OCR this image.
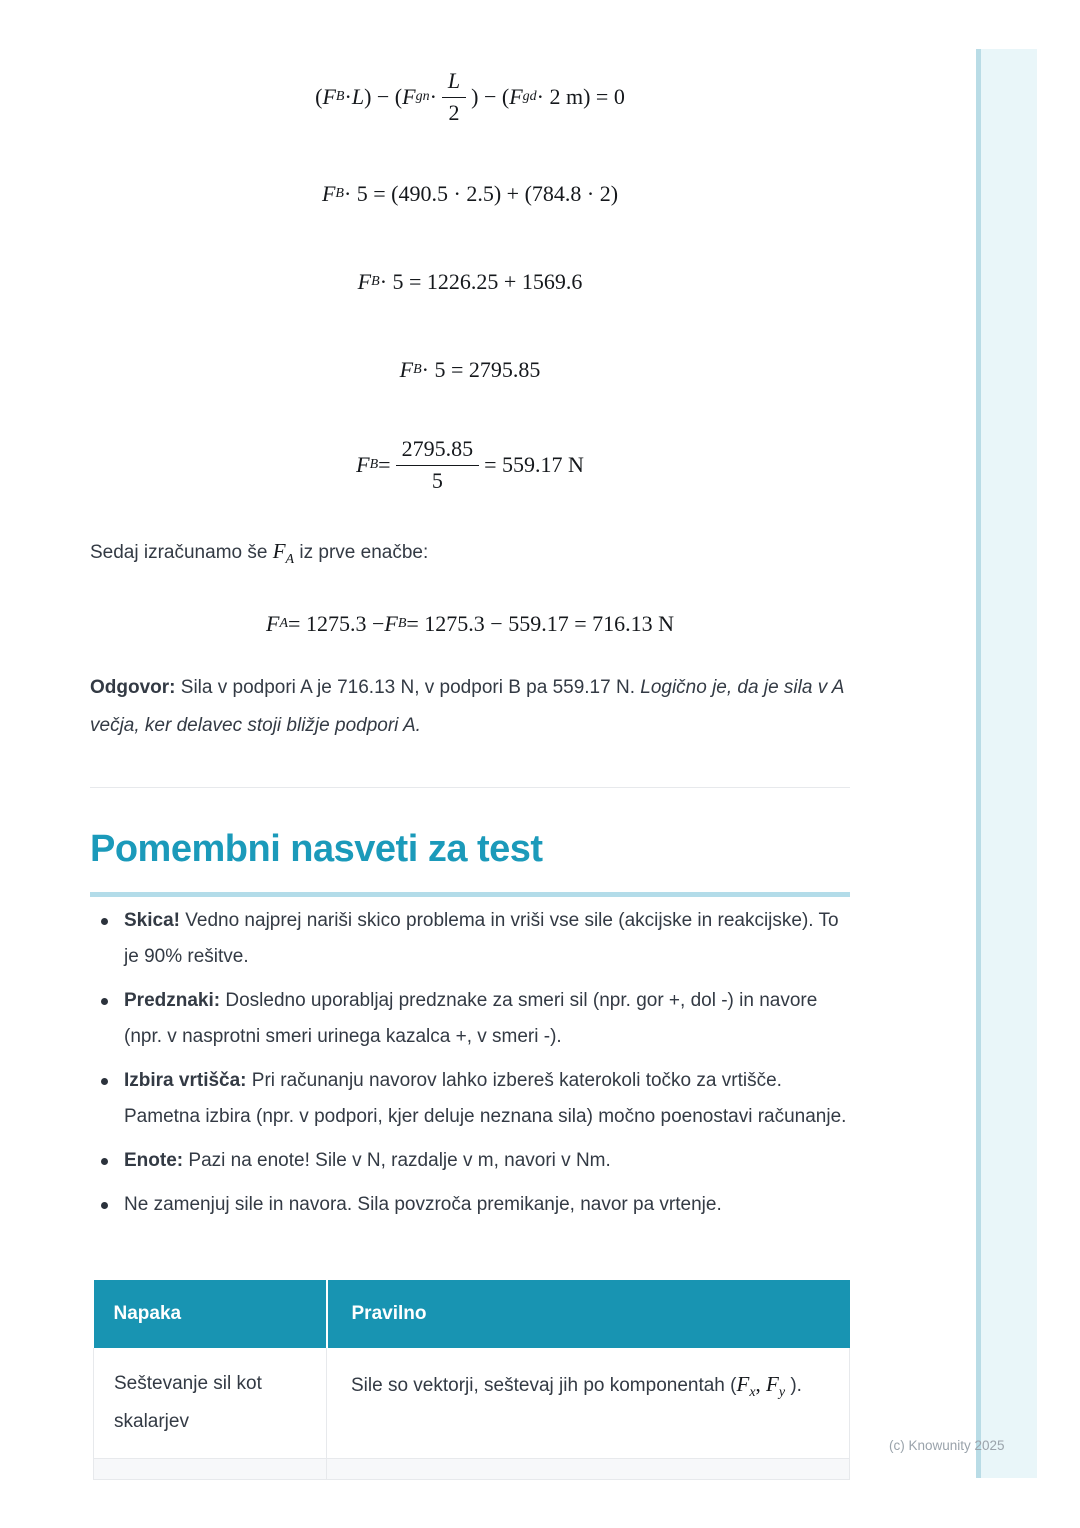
( F B · L ) − ( F gn · $\frac{L}{2}$ ) − ( F gd · 2 m) = 0
F B · 5 = (490.5 · 2.5) + (784.8 · 2)
F B · 5 = 1226.25 + 1569.6
F B · 5 = 2795.85
F $B = \frac{2795.85}{5} = 559.17$ N
Sedaj izračunamo še $F_A$ iz prve enačbe:
F A = 1275.3 − F B = 1275.3 − 559.17 = 716.13 N
Odgovor: Sila v podpori A je 716.13 N, v podpori B pa 559.17 N. Logično je, da je sila v A večja, ker delavec stoji bližje podpori A.
Pomembni nasveti za test
Skica! Vedno najprej nariši skico problema in vriši vse sile (akcijske in reakcijske). To je 90% rešitve.
Predznaki: Dosledno uporabljaj predznake za smeri sil (npr. gor +, dol -) in navore (npr. v nasprotni smeri urinega kazalca +, v smeri -).
Izbira vrtišča: Pri računanju navorov lahko izbereš katerokoli točko za vrtišče. Pametna izbira (npr. v podpori, kjer deluje neznana sila) močno poenostavi računanje.
Enote: Pazi na enote! Sile v N, razdalje v m, navori v Nm.
Ne zamenjuj sile in navora. Sila povzroča premikanje, navor pa vrtenje.
Napaka	Pravilno
Seštevanje sil kot skalarjev	Sile so vektorji, seštevaj jih po komponentah ($F_x$, $F_y$ ).

(c) Knowunity 2025
